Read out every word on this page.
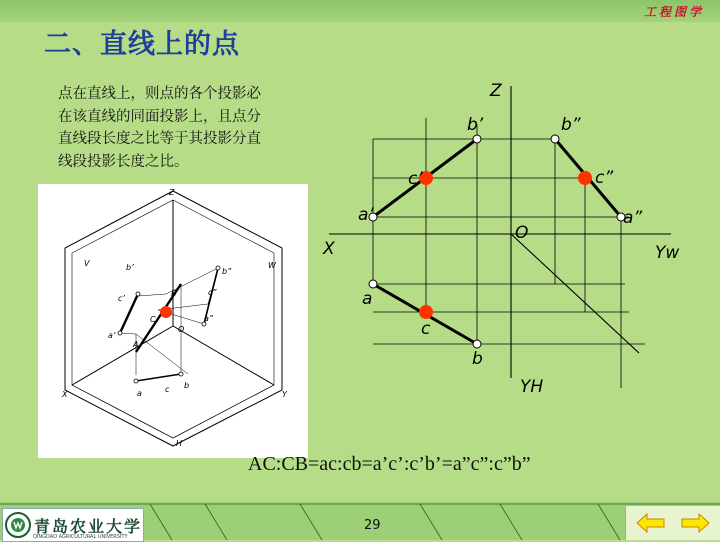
工程图学
二、直线上的点
点在直线上，则点的各个投影必
在该直线的同面投影上，且点分
直线段长度之比等于其投影分直
线段投影长度之比。
Z
V	W
X	Y
H
O
A
B
C
a’
b’
c’
a”
b”
c”
a
b
c
Z
X	Yw
YH
O
b’
c’
a’
b”
c”
a”
a
c
b
AC:CB=ac:cb=a’c’:c’b’=a”c”:c”b”
青岛农业大学
QINGDAO AGRICULTURAL UNIVERSITY
29
